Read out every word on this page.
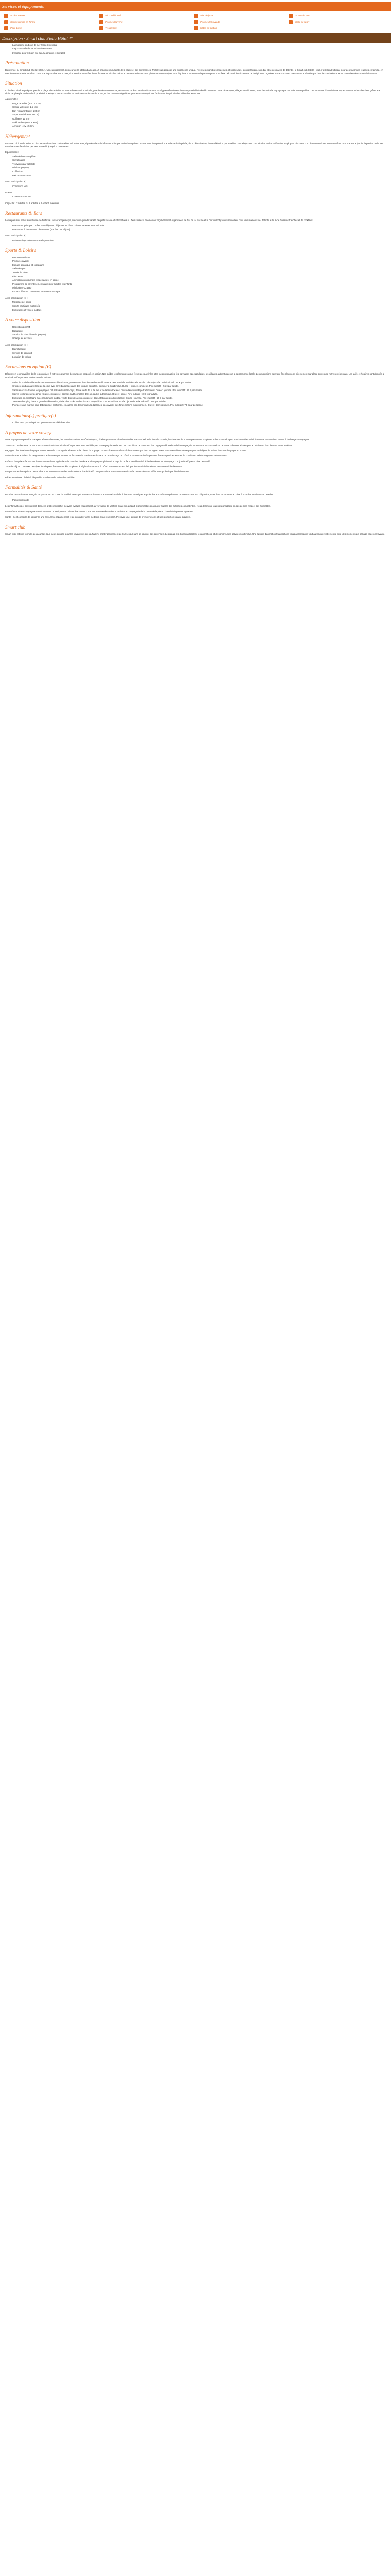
Services et équipements
Accès Internet	Air conditionné	Aire de jeux	Sports de mer
Centre remise en forme	Piscine couverte	Piscine découverte	Salle de sport
Pour boîse	Tv satellite	Hôtes en option
Description - Smart club Stella Hôtel 4*
• La moderne en bord de mer l'Hôtellerie idéal
• La promenade de toute l'environnement
• L'espace pour le bien être luxury garantie et complet
Présentation

Bienvenue au Smart club Stella Hôtel 4*. Un établissement au coeur de la station balnéaire, à proximité immédiate de la plage et des commerces, l'hôtel vous propose une expérience unique. Avec ses chambres modernes et spacieuses, son restaurant, son bar et ses espaces de détente, le Smart club Stella Hôtel 4* est l'endroit idéal pour des vacances réussies en famille, en couple ou entre amis. Profitez d'une vue imprenable sur la mer, d'un service attentif et d'une formule tout inclus qui vous permettra de savourer pleinement votre séjour. Nos équipes sont à votre disposition pour vous faire découvrir les richesses de la région et organiser vos excursions. Laissez-vous séduire par l'ambiance chaleureuse et conviviale de notre établissement.

Situation

L'hôtel est situé à quelques pas de la plage de sable fin, au coeur d'une station animée, proche des commerces, restaurants et lieux de divertissement. La région offre de nombreuses possibilités de découvertes : sites historiques, villages traditionnels, marchés colorés et paysages naturels remarquables. Les amateurs d'activités nautiques trouveront leur bonheur grâce aux clubs de plongée et de voile à proximité. L'aéroport est accessible en environ 45 minutes de route, et des navettes régulières permettent de rejoindre facilement les principales villes des alentours.

A proximité :

• Plage de sable (env. 400 m)
• Centre-ville (env. 1,5 km)
• Bar-restaurant (env. 200 m)
• Supermarché (env. 800 m)
• Golf (env. 12 km)
• Arrêt de bus (env. 300 m)
• Aéroport (env. 45 km)
Hébergement

Le Smart club Stella Hôtel 4* dispose de chambres confortables et lumineuses, réparties dans le bâtiment principal et des bungalows. Toutes sont équipées d'une salle de bain privée, de la climatisation, d'une télévision par satellite, d'un téléphone, d'un minibar et d'un coffre-fort. La plupart disposent d'un balcon ou d'une terrasse offrant une vue sur le jardin, la piscine ou la mer. Les chambres familiales peuvent accueillir jusqu'à 4 personnes.

Equipement :

• Salle de bain complète
• Climatisation
• Télévision par satellite
• Minibar (payant)
• Coffre-fort
• Balcon ou terrasse

Avec participation (€) :

• Connexion Wifi

Gratuit :

• Chambre Standard

Capacité : 2 adultes ou 2 adultes + 1 enfant maximum

Restaurants & Bars

Les repas sont servis sous forme de buffet au restaurant principal, avec une grande variété de plats locaux et internationaux. Des soirées à thème sont régulièrement organisées. Le bar de la piscine et le bar du lobby vous accueillent pour des moments de détente autour de boissons fraîches et de cocktails.

• Restaurant principal : buffet petit-déjeuner, déjeuner et dîner, cuisine locale et internationale
• Restaurant à la carte sur réservation (une fois par séjour)

Avec participation (€) :

• Boissons importées et cocktails premium
Sports & Loisirs
• Piscine extérieure
• Piscine couverte
• Espace aquatique et toboggans
• Salle de sport
• Tennis de table
• Fléchettes
• Animations en journée et spectacles en soirée
• Programme de divertissement varié pour adultes et enfants
• Miniclub (4-12 ans)
• Espace détente : hammam, sauna et massages

Avec participation (€) :

• Massages et soins
• Sports nautiques motorisés
• Excursions et visites guidées
A votre disposition
• Réception 24h/24
• Bagagerie
• Service de blanchisserie (payant)
• Change de devises

Avec participation (€) :

• Blanchisserie
• Service de transfert
• Location de voiture
Excursions en option (€)

Découvrez les merveilles de la région grâce à notre programme d'excursions proposé en option. Nos guides expérimentés vous feront découvrir les sites incontournables, les paysages spectaculaires, les villages authentiques et la gastronomie locale. Les excursions peuvent être réservées directement sur place auprès de notre représentant. Les tarifs et horaires sont donnés à titre indicatif et peuvent varier selon la saison.

• Visite de la vieille ville et de ses monuments historiques, promenade dans les ruelles et découverte des marchés traditionnels. Durée : demi-journée. Prix indicatif : 25 € par adulte.
• Croisière en bateau le long de la côte avec arrêt baignade dans des criques secrètes, déjeuner à bord inclus. Durée : journée complète. Prix indicatif : 55 € par adulte.
• Safari en 4x4 à travers les paysages naturels de l'arrière-pays, découverte de la faune et de la flore locales, pause dans un village traditionnel. Durée : journée. Prix indicatif : 65 € par adulte.
• Soirée folklorique avec dîner typique, musique et danses traditionnelles dans un cadre authentique. Durée : soirée. Prix indicatif : 40 € par adulte.
• Excursion en montagne avec randonnée guidée, visite d'un site archéologique et dégustation de produits locaux. Durée : journée. Prix indicatif : 50 € par adulte.
• Journée shopping dans la grande ville voisine, visite des souks et des bazars, temps libre pour les achats. Durée : journée. Prix indicatif : 30 € par adulte.
• Plongée sous-marine pour débutants et confirmés, encadrée par des moniteurs diplômés, découverte des fonds marins exceptionnels. Durée : demi-journée. Prix indicatif : 70 € par personne.
Informations(s) pratique(s)
• L'hôtel n'est pas adapté aux personnes à mobilité réduite.
A propos de votre voyage

Votre voyage comprend le transport aérien aller-retour, les transferts aéroport-hôtel-aéroport, l'hébergement en chambre double standard selon la formule choisie, l'assistance de notre représentant sur place et les taxes aéroport. Les formalités administratives et sanitaires restent à la charge du voyageur.

Transport : les horaires de vol sont communiqués à titre indicatif et peuvent être modifiés par la compagnie aérienne. Les conditions de transport des bagages dépendent de la compagnie. Nous vous recommandons de vous présenter à l'aéroport au minimum deux heures avant le départ.

Bagages : les franchises bagages varient selon la compagnie aérienne et la classe de voyage. Tout excédent sera facturé directement par la compagnie. Nous vous conseillons de ne pas placer d'objets de valeur dans vos bagages en soute.

Animations et activités : le programme d'animations peut varier en fonction de la saison et du taux de remplissage de l'hôtel. Certaines activités peuvent être suspendues en cas de conditions météorologiques défavorables.

Enfants : les prix enfants s'appliquent aux enfants logés dans la chambre de deux adultes payant plein tarif. L'âge de l'enfant est déterminé à la date de retour du voyage. Un justificatif pourra être demandé.

Taxe de séjour : une taxe de séjour locale peut être demandée sur place, à régler directement à l'hôtel. Son montant est fixé par les autorités locales et est susceptible d'évoluer.

Les photos et descriptions présentées sont non contractuelles et données à titre indicatif. Les prestations et services mentionnés peuvent être modifiés sans préavis par l'établissement.

Bébés et enfants : lit bébé disponible sur demande selon disponibilité.

Formalités & Santé

Pour les ressortissants français, un passeport en cours de validité est exigé. Les ressortissants d'autres nationalités doivent se renseigner auprès des autorités compétentes. Aucun vaccin n'est obligatoire, mais il est recommandé d'être à jour des vaccinations usuelles.

• Passeport valide

Les informations ci-dessus sont données à titre indicatif et peuvent évoluer. Il appartient au voyageur de vérifier, avant son départ, les formalités en vigueur auprès des autorités compétentes. Nous déclinons toute responsabilité en cas de non-respect des formalités.

Les enfants mineurs voyageant seuls ou avec un seul parent doivent être munis d'une autorisation de sortie du territoire accompagnée de la copie de la pièce d'identité du parent signataire.

Santé : il est conseillé de souscrire une assurance rapatriement et de consulter votre médecin avant le départ. Prévoyez une trousse de premiers soins et une protection solaire adaptée.

Smart club

Smart club est une formule de vacances tout inclus pensée pour les voyageurs qui souhaitent profiter pleinement de leur séjour sans se soucier des dépenses. Les repas, les boissons locales, les animations et de nombreuses activités sont inclus. Une équipe d'animation francophone vous accompagne tout au long de votre séjour pour des moments de partage et de convivialité.
